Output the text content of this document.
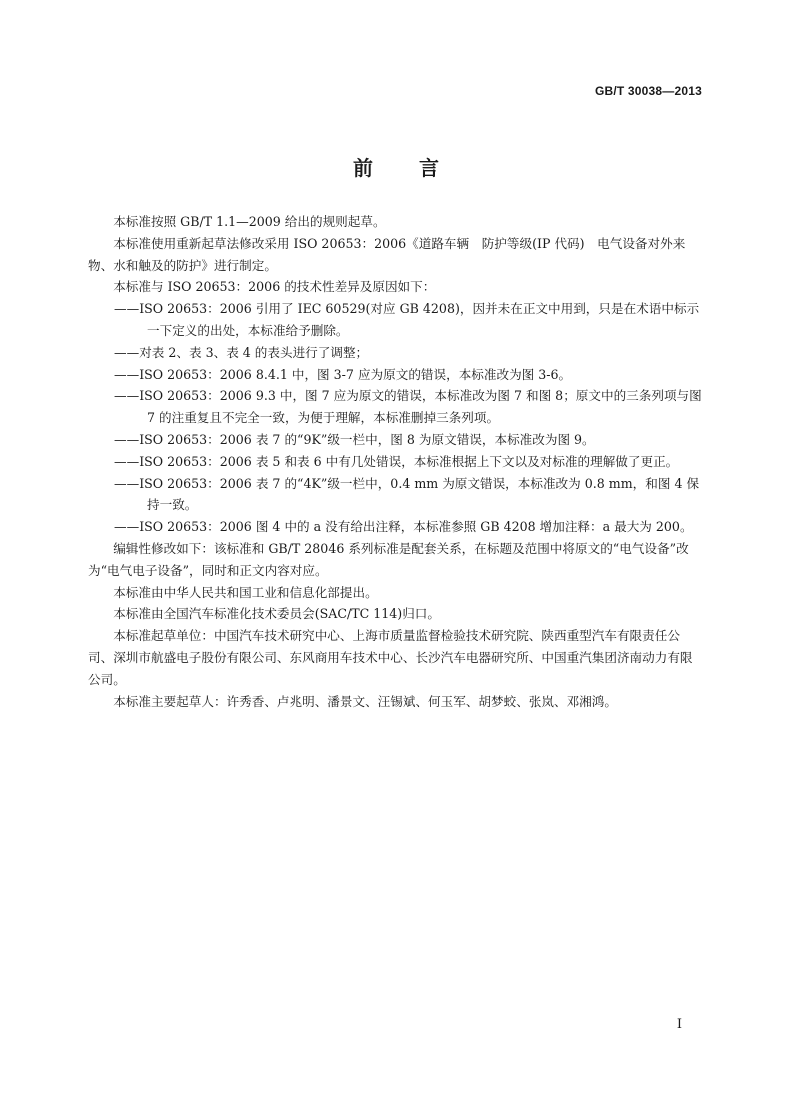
GB/T 30038—2013
前 言

本标准按照 GB/T 1.1—2009 给出的规则起草。

本标准使用重新起草法修改采用 ISO 20653：2006《道路车辆　防护等级(IP 代码)　电气设备对外来物、水和触及的防护》进行制定。

本标准与 ISO 20653：2006 的技术性差异及原因如下：

——ISO 20653：2006 引用了 IEC 60529(对应 GB 4208)，因并未在正文中用到，只是在术语中标示一下定义的出处，本标准给予删除。

——对表 2、表 3、表 4 的表头进行了调整；

——ISO 20653：2006 8.4.1 中，图 3-7 应为原文的错误，本标准改为图 3-6。

——ISO 20653：2006 9.3 中，图 7 应为原文的错误，本标准改为图 7 和图 8；原文中的三条列项与图 7 的注重复且不完全一致，为便于理解，本标准删掉三条列项。

——ISO 20653：2006 表 7 的“9K”级一栏中，图 8 为原文错误，本标准改为图 9。

——ISO 20653：2006 表 5 和表 6 中有几处错误，本标准根据上下文以及对标准的理解做了更正。

——ISO 20653：2006 表 7 的“4K”级一栏中，0.4 mm 为原文错误，本标准改为 0.8 mm，和图 4 保持一致。

——ISO 20653：2006 图 4 中的 a 没有给出注释，本标准参照 GB 4208 增加注释：a 最大为 200。

编辑性修改如下：该标准和 GB/T 28046 系列标准是配套关系，在标题及范围中将原文的“电气设备”改为“电气电子设备”，同时和正文内容对应。

本标准由中华人民共和国工业和信息化部提出。

本标准由全国汽车标准化技术委员会(SAC/TC 114)归口。

本标准起草单位：中国汽车技术研究中心、上海市质量监督检验技术研究院、陕西重型汽车有限责任公司、深圳市航盛电子股份有限公司、东风商用车技术中心、长沙汽车电器研究所、中国重汽集团济南动力有限公司。

本标准主要起草人：许秀香、卢兆明、潘景文、汪锡斌、何玉军、胡梦蛟、张岚、邓湘鸿。

I
